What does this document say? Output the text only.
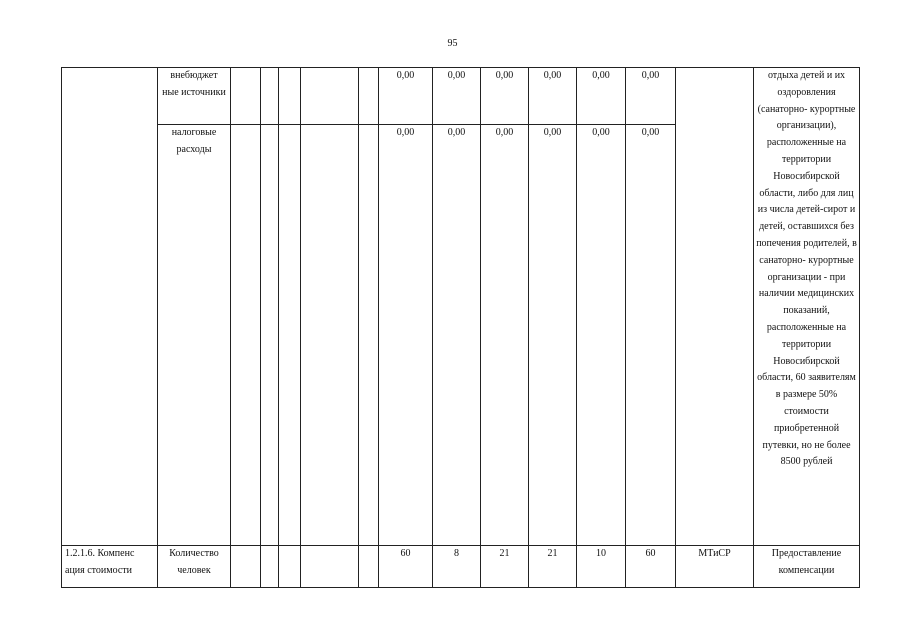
95
	внебюджет ные источники						0,00	0,00	0,00	0,00	0,00	0,00		отдыха детей и их оздоровления (санаторно- курортные организации), расположенные на территории Новосибирской области, либо для лиц из числа детей-сирот и детей, оставшихся без попечения родителей, в санаторно- курортные организации - при наличии медицинских показаний, расположенные на территории Новосибирской области, 60 заявителям в размере 50% стоимости приобретенной путевки, но не более 8500 рублей
	налоговые расходы						0,00	0,00	0,00	0,00	0,00	0,00		
1.2.1.6. Компенс ация стоимости	Количество человек						60	8	21	21	10	60	МТиСР	Предоставление компенсации
